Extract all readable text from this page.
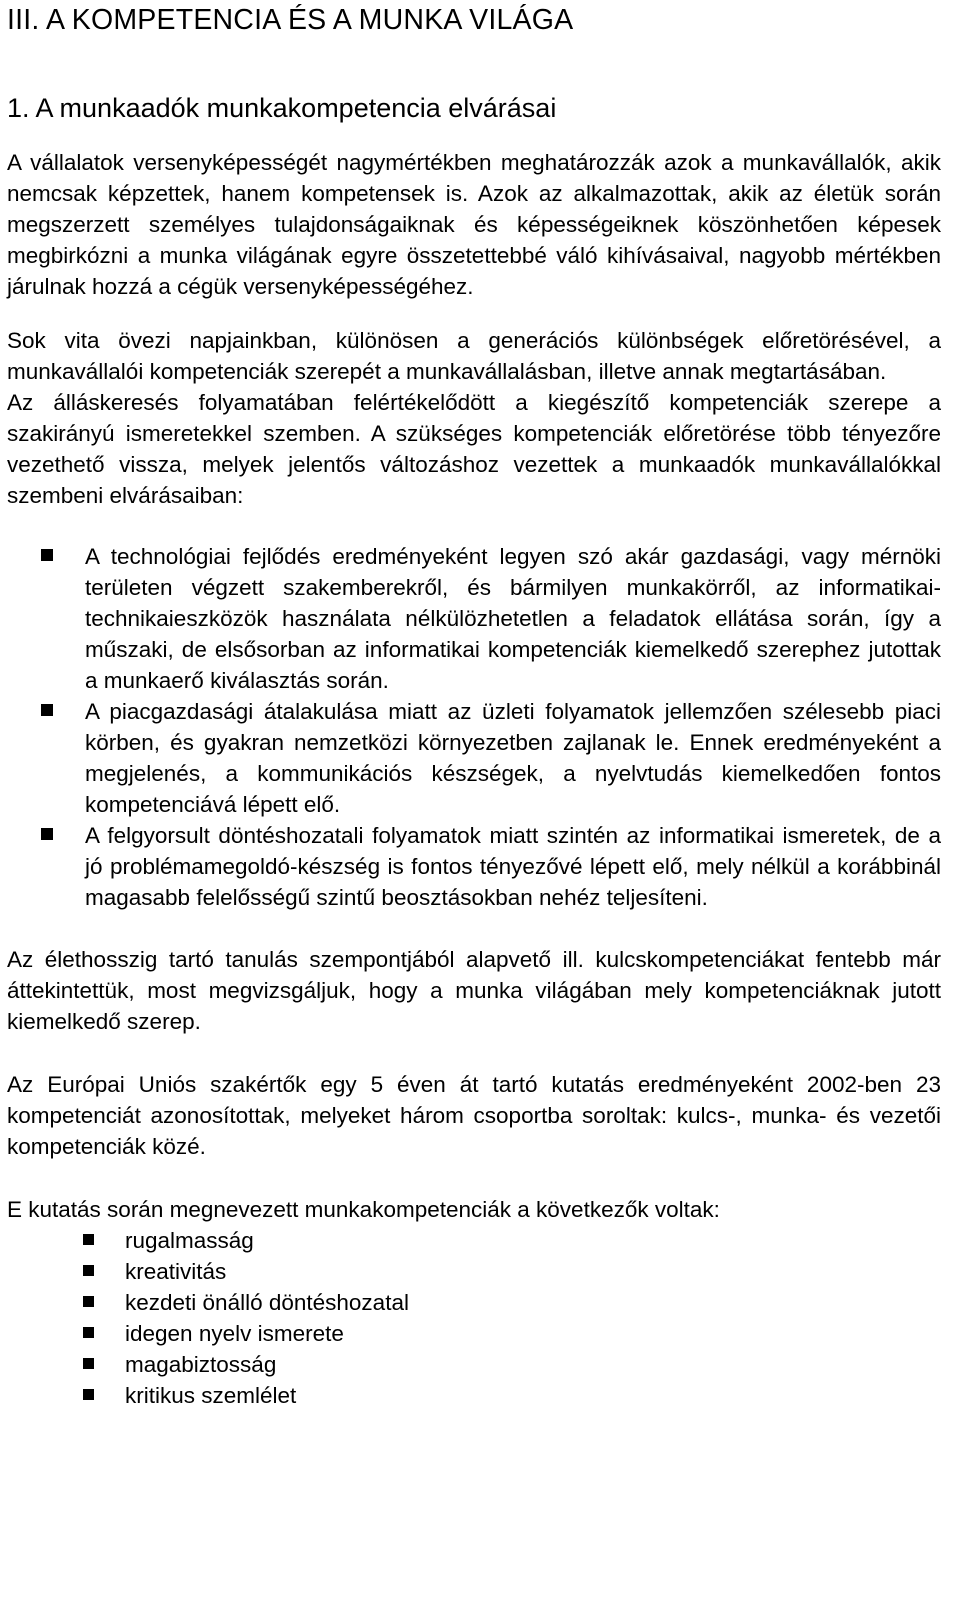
III. A KOMPETENCIA ÉS A MUNKA VILÁGA
1. A munkaadók munkakompetencia elvárásai

A vállalatok versenyképességét nagymértékben meghatározzák azok a munkavállalók, akik nemcsak képzettek, hanem kompetensek is. Azok az alkalmazottak, akik az életük során megszerzett személyes tulajdonságaiknak és képességeiknek köszönhetően képesek megbirkózni a munka világának egyre összetettebbé váló kihívásaival, nagyobb mértékben járulnak hozzá a cégük versenyképességéhez.

Sok vita övezi napjainkban, különösen a generációs különbségek előretörésével, a munkavállalói kompetenciák szerepét a munkavállalásban, illetve annak megtartásában.

Az álláskeresés folyamatában felértékelődött a kiegészítő kompetenciák szerepe a szakirányú ismeretekkel szemben. A szükséges kompetenciák előretörése több tényezőre vezethető vissza, melyek jelentős változáshoz vezettek a munkaadók munkavállalókkal szembeni elvárásaiban:

A technológiai fejlődés eredményeként legyen szó akár gazdasági, vagy mérnöki területen végzett szakemberekről, és bármilyen munkakörről, az informatikai-technikaieszközök használata nélkülözhetetlen a feladatok ellátása során, így a műszaki, de elsősorban az informatikai kompetenciák kiemelkedő szerephez jutottak a munkaerő kiválasztás során.
A piacgazdasági átalakulása miatt az üzleti folyamatok jellemzően szélesebb piaci körben, és gyakran nemzetközi környezetben zajlanak le. Ennek eredményeként a megjelenés, a kommunikációs készségek, a nyelvtudás kiemelkedően fontos kompetenciává lépett elő.
A felgyorsult döntéshozatali folyamatok miatt szintén az informatikai ismeretek, de a jó problémamegoldó-készség is fontos tényezővé lépett elő, mely nélkül a korábbinál magasabb felelősségű szintű beosztásokban nehéz teljesíteni.

Az élethosszig tartó tanulás szempontjából alapvető ill. kulcskompetenciákat fentebb már áttekintettük, most megvizsgáljuk, hogy a munka világában mely kompetenciáknak jutott kiemelkedő szerep.

Az Európai Uniós szakértők egy 5 éven át tartó kutatás eredményeként 2002-ben 23 kompetenciát azonosítottak, melyeket három csoportba soroltak: kulcs-, munka- és vezetői kompetenciák közé.

E kutatás során megnevezett munkakompetenciák a következők voltak:

rugalmasság
kreativitás
kezdeti önálló döntéshozatal
idegen nyelv ismerete
magabiztosság
kritikus szemlélet
